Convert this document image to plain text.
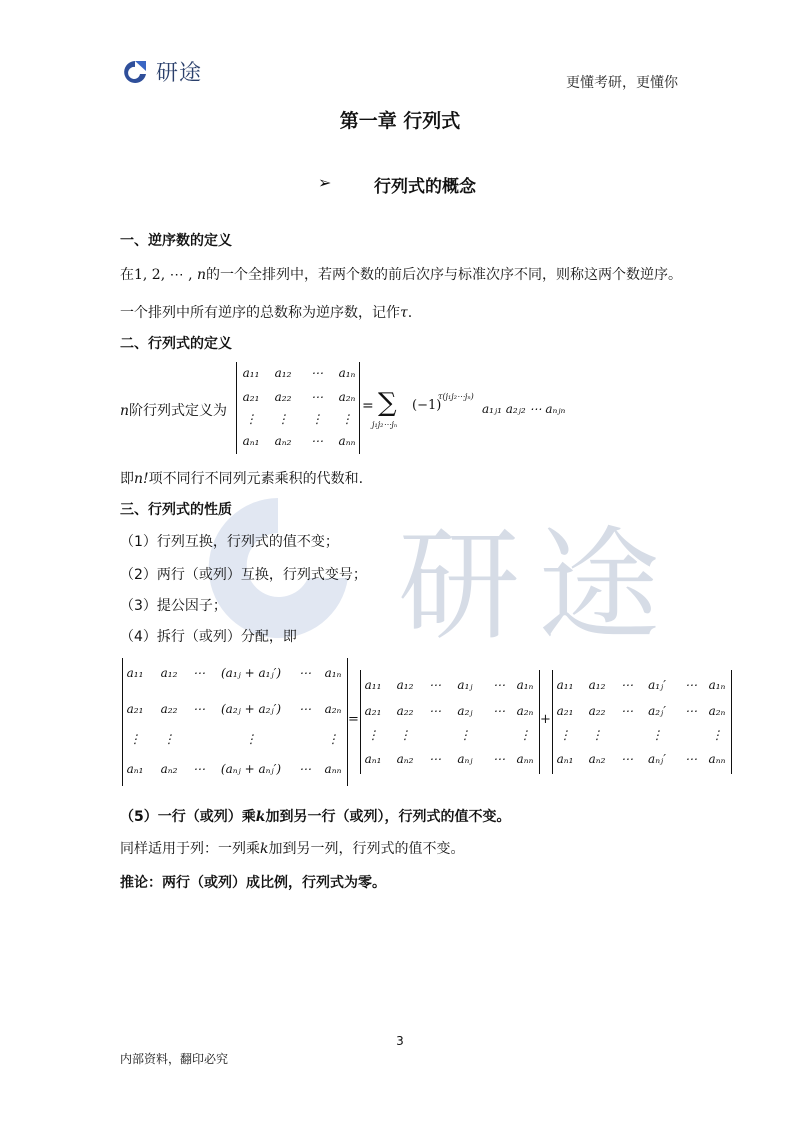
研途	更懂考研，更懂你
研途
第一章 行列式
➢	行列式的概念
一、逆序数的定义
在1, 2, ⋯ , n的一个全排列中，若两个数的前后次序与标准次序不同，则称这两个数逆序。
一个排列中所有逆序的总数称为逆序数，记作τ.
二、行列式的定义
n阶行列式定义为
a₁₁ a₁₂ ⋯ a₁ₙ
a₂₁ a₂₂ ⋯ a₂ₙ
⋮ ⋮ ⋮ ⋮
aₙ₁ aₙ₂ ⋯ aₙₙ
= ∑
j₁j₂⋯jₙ
(−1)
τ(j₁j₂⋯jₙ)
a₁ⱼ₁ a₂ⱼ₂ ⋯ aₙⱼₙ
即n!项不同行不同列元素乘积的代数和.
三、行列式的性质
（1）行列互换，行列式的值不变；
（2）两行（或列）互换，行列式变号；
（3）提公因子；
（4）拆行（或列）分配，即
a₁₁ a₁₂ ⋯ (a₁ⱼ + a₁ⱼ′) ⋯ a₁ₙ
a₂₁ a₂₂ ⋯ (a₂ⱼ + a₂ⱼ′) ⋯ a₂ₙ
⋮ ⋮	⋮	⋮
aₙ₁ aₙ₂ ⋯ (aₙⱼ + aₙⱼ′) ⋯ aₙₙ
=
a₁₁ a₁₂ ⋯ a₁ⱼ ⋯ a₁ₙ
a₂₁ a₂₂ ⋯ a₂ⱼ ⋯ a₂ₙ
⋮ ⋮	⋮	⋮
aₙ₁ aₙ₂ ⋯ aₙⱼ ⋯ aₙₙ
+
a₁₁ a₁₂ ⋯ a₁ⱼ′ ⋯ a₁ₙ
a₂₁ a₂₂ ⋯ a₂ⱼ′ ⋯ a₂ₙ
⋮ ⋮	⋮	⋮
aₙ₁ aₙ₂ ⋯ aₙⱼ′ ⋯ aₙₙ
（5）一行（或列）乘k加到另一行（或列），行列式的值不变。
同样适用于列：一列乘k加到另一列，行列式的值不变。
推论：两行（或列）成比例，行列式为零。
3
内部资料，翻印必究
